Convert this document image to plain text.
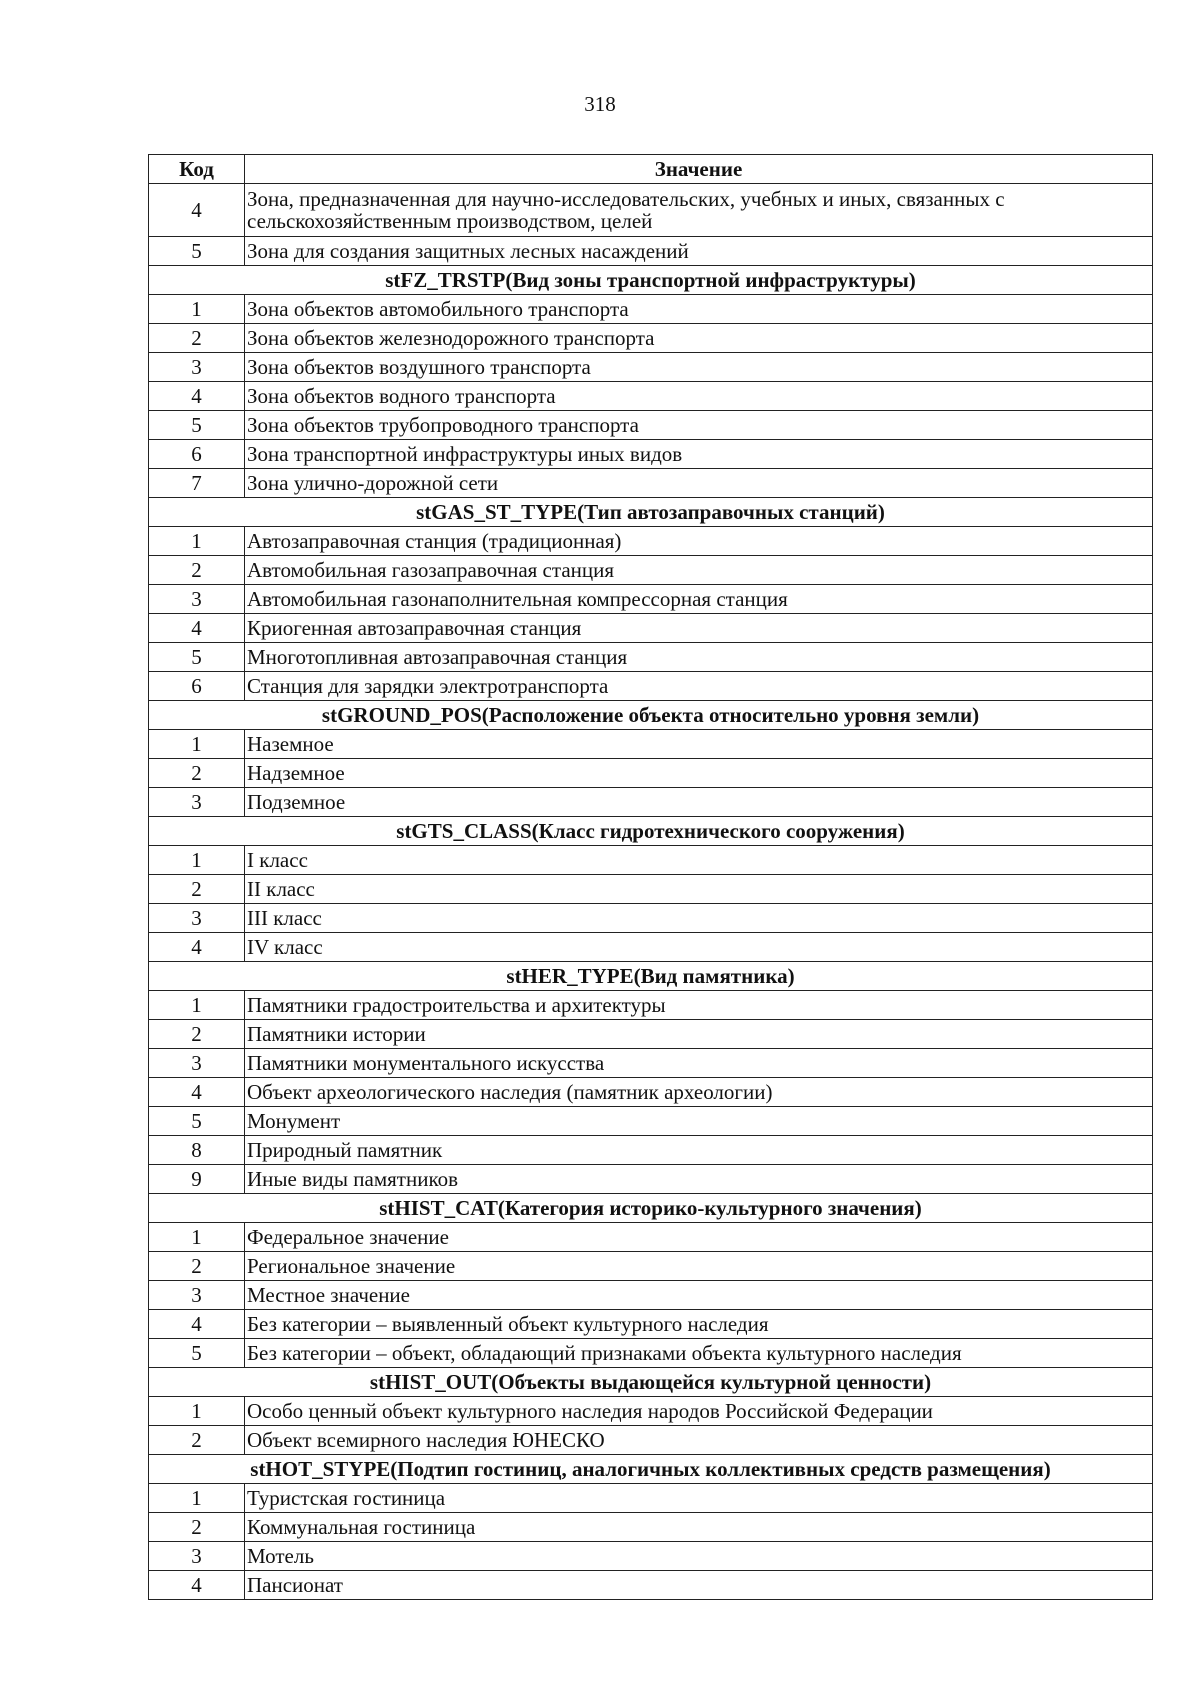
318
Код	Значение
4	Зона, предназначенная для научно-исследовательских, учебных и иных, связанных с сельскохозяйственным производством, целей
5	Зона для создания защитных лесных насаждений
stFZ_TRSTP(Вид зоны транспортной инфраструктуры)	
1	Зона объектов автомобильного транспорта
2	Зона объектов железнодорожного транспорта
3	Зона объектов воздушного транспорта
4	Зона объектов водного транспорта
5	Зона объектов трубопроводного транспорта
6	Зона транспортной инфраструктуры иных видов
7	Зона улично-дорожной сети
stGAS_ST_TYPE(Тип автозаправочных станций)	
1	Автозаправочная станция (традиционная)
2	Автомобильная газозаправочная станция
3	Автомобильная газонаполнительная компрессорная станция
4	Криогенная автозаправочная станция
5	Многотопливная автозаправочная станция
6	Станция для зарядки электротранспорта
stGROUND_POS(Расположение объекта относительно уровня земли)	
1	Наземное
2	Надземное
3	Подземное
stGTS_CLASS(Класс гидротехнического сооружения)	
1	I класс
2	II класс
3	III класс
4	IV класс
stHER_TYPE(Вид памятника)	
1	Памятники градостроительства и архитектуры
2	Памятники истории
3	Памятники монументального искусства
4	Объект археологического наследия (памятник археологии)
5	Монумент
8	Природный памятник
9	Иные виды памятников
stHIST_CAT(Категория историко-культурного значения)	
1	Федеральное значение
2	Региональное значение
3	Местное значение
4	Без категории – выявленный объект культурного наследия
5	Без категории – объект, обладающий признаками объекта культурного наследия
stHIST_OUT(Объекты выдающейся культурной ценности)	
1	Особо ценный объект культурного наследия народов Российской Федерации
2	Объект всемирного наследия ЮНЕСКО
stHOT_STYPE(Подтип гостиниц, аналогичных коллективных средств размещения)	
1	Туристская гостиница
2	Коммунальная гостиница
3	Мотель
4	Пансионат
